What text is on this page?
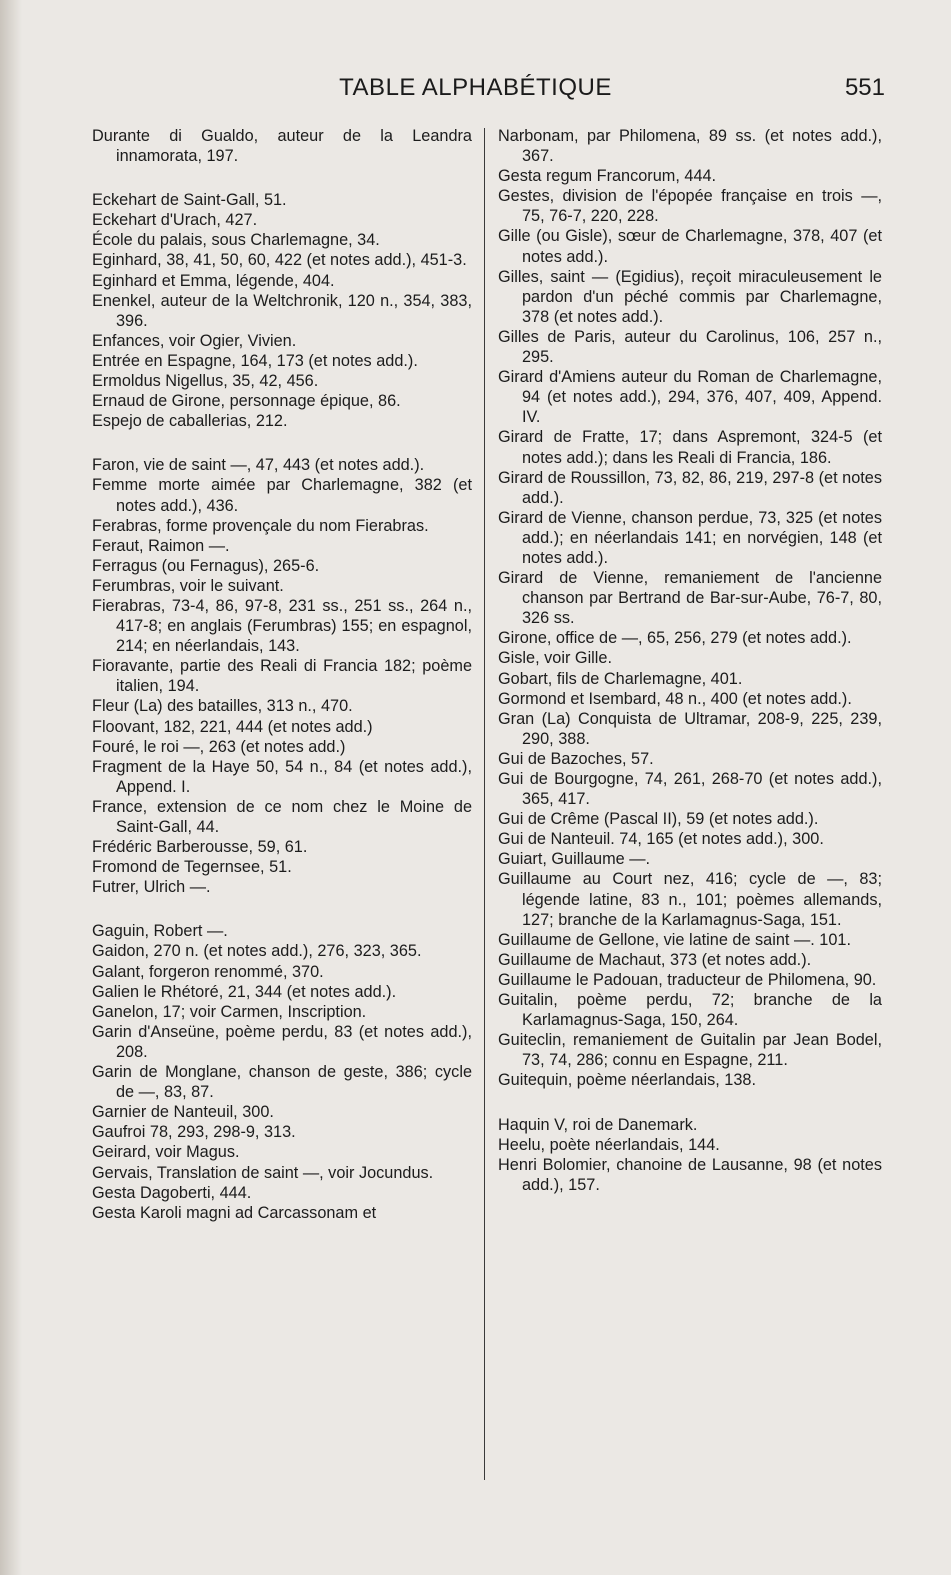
TABLE ALPHABÉTIQUE	551
Durante di Gualdo, auteur de la Leandra innamorata, 197.
Eckehart de Saint-Gall, 51.
Eckehart d'Urach, 427.
École du palais, sous Charlemagne, 34.
Eginhard, 38, 41, 50, 60, 422 (et notes add.), 451-3.
Eginhard et Emma, légende, 404.
Enenkel, auteur de la Weltchronik, 120 n., 354, 383, 396.
Enfances, voir Ogier, Vivien.
Entrée en Espagne, 164, 173 (et notes add.).
Ermoldus Nigellus, 35, 42, 456.
Ernaud de Girone, personnage épique, 86.
Espejo de caballerias, 212.
Faron, vie de saint —, 47, 443 (et notes add.).
Femme morte aimée par Charlemagne, 382 (et notes add.), 436.
Ferabras, forme provençale du nom Fierabras.
Feraut, Raimon —.
Ferragus (ou Fernagus), 265-6.
Ferumbras, voir le suivant.
Fierabras, 73-4, 86, 97-8, 231 ss., 251 ss., 264 n., 417-8; en anglais (Ferumbras) 155; en espagnol, 214; en néerlandais, 143.
Fioravante, partie des Reali di Francia 182; poème italien, 194.
Fleur (La) des batailles, 313 n., 470.
Floovant, 182, 221, 444 (et notes add.)
Fouré, le roi —, 263 (et notes add.)
Fragment de la Haye 50, 54 n., 84 (et notes add.), Append. I.
France, extension de ce nom chez le Moine de Saint-Gall, 44.
Frédéric Barberousse, 59, 61.
Fromond de Tegernsee, 51.
Futrer, Ulrich —.
Gaguin, Robert —.
Gaidon, 270 n. (et notes add.), 276, 323, 365.
Galant, forgeron renommé, 370.
Galien le Rhétoré, 21, 344 (et notes add.).
Ganelon, 17; voir Carmen, Inscription.
Garin d'Anseüne, poème perdu, 83 (et notes add.), 208.
Garin de Monglane, chanson de geste, 386; cycle de —, 83, 87.
Garnier de Nanteuil, 300.
Gaufroi 78, 293, 298-9, 313.
Geirard, voir Magus.
Gervais, Translation de saint —, voir Jocundus.
Gesta Dagoberti, 444.
Gesta Karoli magni ad Carcassonam et
Narbonam, par Philomena, 89 ss. (et notes add.), 367.
Gesta regum Francorum, 444.
Gestes, division de l'épopée française en trois —, 75, 76-7, 220, 228.
Gille (ou Gisle), sœur de Charlemagne, 378, 407 (et notes add.).
Gilles, saint — (Egidius), reçoit miraculeusement le pardon d'un péché commis par Charlemagne, 378 (et notes add.).
Gilles de Paris, auteur du Carolinus, 106, 257 n., 295.
Girard d'Amiens auteur du Roman de Charlemagne, 94 (et notes add.), 294, 376, 407, 409, Append. IV.
Girard de Fratte, 17; dans Aspremont, 324-5 (et notes add.); dans les Reali di Francia, 186.
Girard de Roussillon, 73, 82, 86, 219, 297-8 (et notes add.).
Girard de Vienne, chanson perdue, 73, 325 (et notes add.); en néerlandais 141; en norvégien, 148 (et notes add.).
Girard de Vienne, remaniement de l'ancienne chanson par Bertrand de Bar-sur-Aube, 76-7, 80, 326 ss.
Girone, office de —, 65, 256, 279 (et notes add.).
Gisle, voir Gille.
Gobart, fils de Charlemagne, 401.
Gormond et Isembard, 48 n., 400 (et notes add.).
Gran (La) Conquista de Ultramar, 208-9, 225, 239, 290, 388.
Gui de Bazoches, 57.
Gui de Bourgogne, 74, 261, 268-70 (et notes add.), 365, 417.
Gui de Crême (Pascal II), 59 (et notes add.).
Gui de Nanteuil. 74, 165 (et notes add.), 300.
Guiart, Guillaume —.
Guillaume au Court nez, 416; cycle de —, 83; légende latine, 83 n., 101; poèmes allemands, 127; branche de la Karlamagnus-Saga, 151.
Guillaume de Gellone, vie latine de saint —. 101.
Guillaume de Machaut, 373 (et notes add.).
Guillaume le Padouan, traducteur de Philomena, 90.
Guitalin, poème perdu, 72; branche de la Karlamagnus-Saga, 150, 264.
Guiteclin, remaniement de Guitalin par Jean Bodel, 73, 74, 286; connu en Espagne, 211.
Guitequin, poème néerlandais, 138.
Haquin V, roi de Danemark.
Heelu, poète néerlandais, 144.
Henri Bolomier, chanoine de Lausanne, 98 (et notes add.), 157.
